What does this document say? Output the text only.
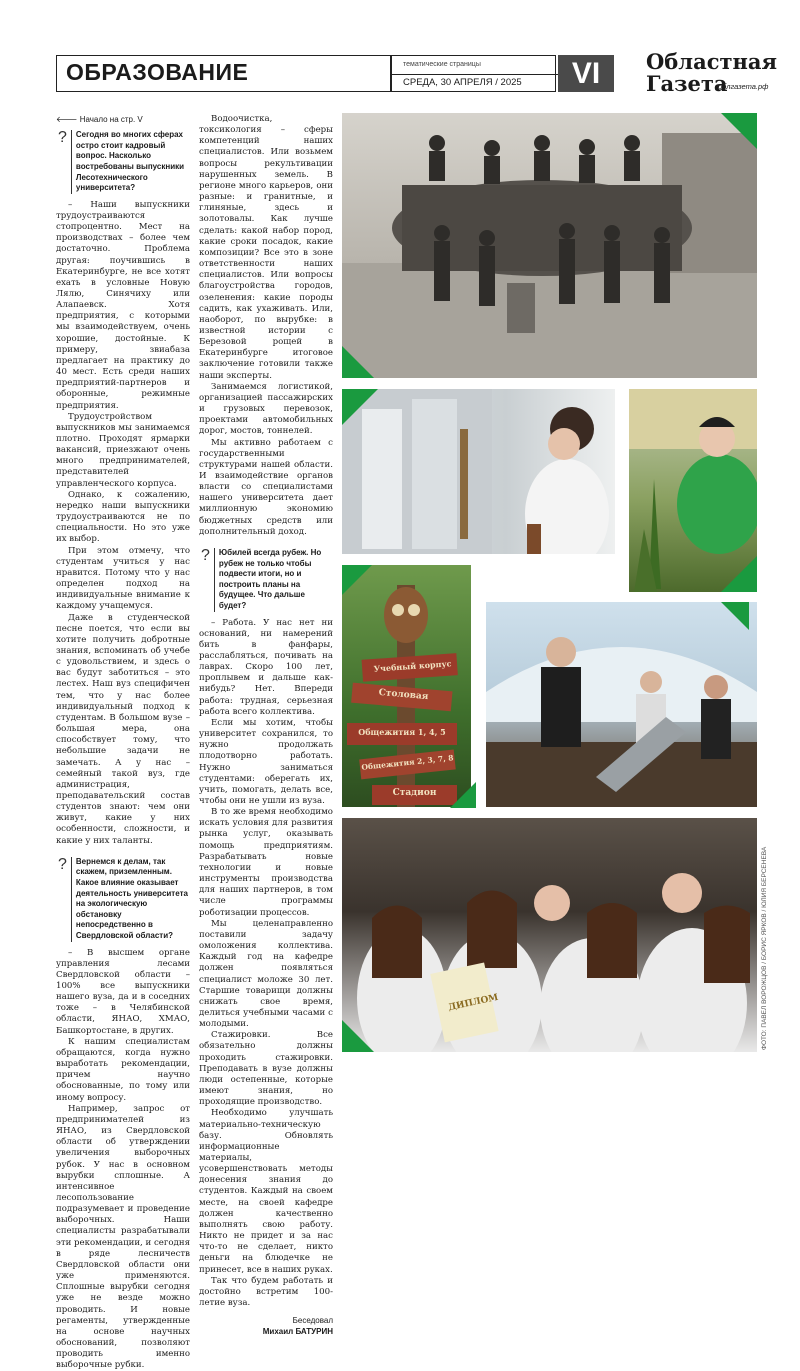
ОБРАЗОВАНИЕ	тематические страницы
СРЕДА, 30 АПРЕЛЯ / 2025	VI	Областная
Газета
облгазета.рф

🡐 Начало на стр. V

?	Сегодня во многих сферах остро стоит кадровый вопрос. Насколько востребованы выпускники Лесотехнического университета?

– Наши выпускники трудоустраиваются стопроцентно. Мест на производствах – более чем достаточно. Проблема другая: поучившись в Екатеринбурге, не все хотят ехать в условные Новую Лялю, Синячиху или Алапаевск. Хотя предприятия, с которыми мы взаимодействуем, очень хорошие, достойные. К примеру, звиабаза предлагает на практику до 40 мест. Есть среди наших предприятий-партнеров и оборонные, режимные предприятия.

Трудоустройством выпускников мы занимаемся плотно. Проходят ярмарки вакансий, приезжают очень много предпринимателей, представителей управленческого корпуса.

Однако, к сожалению, нередко наши выпускники трудоустраиваются не по специальности. Но это уже их выбор.

При этом отмечу, что студентам учиться у нас нравится. Потому что у нас определен подход на индивидуальные внимание к каждому учащемуся.

Даже в студенческой песне поется, что если вы хотите получить добротные знания, вспоминать об учебе с удовольствием, и здесь о вас будут заботиться – это лестех. Наш вуз специфичен тем, что у нас более индивидуальный подход к студентам. В большом вузе – большая мера, она способствует тому, что небольшие задачи не замечать. А у нас – семейный такой вуз, где администрация, преподавательский состав студентов знают: чем они живут, какие у них особенности, сложности, и какие у них таланты.

?	Вернемся к делам, так скажем, приземленным. Какое влияние оказывает деятельность университета на экологическую обстановку непосредственно в Свердловской области?

– В высшем органе управления лесами Свердловской области – 100% все выпускники нашего вуза, да и в соседних тоже – в Челябинской области, ЯНАО, ХМАО, Башкортостане, в других.

К нашим специалистам обращаются, когда нужно выработать рекомендации, причем научно обоснованные, по тому или иному вопросу.

Например, запрос от предпринимателей из ЯНАО, из Свердловской области об утверждении увеличения выборочных рубок. У нас в основном вырубки сплошные. А интенсивное лесопользование подразумевает и проведение выборочных. Наши специалисты разрабатывали эти рекомендации, и сегодня в ряде лесничеств Свердловской области они уже применяются. Сплошные вырубки сегодня уже не везде можно проводить. И новые регаменты, утвержденные на основе научных обоснований, позволяют проводить именно выборочные рубки.

Водоочистка, токсикология – сферы компетенций наших специалистов. Или возьмем вопросы рекультивации нарушенных земель. В регионе много карьеров, они разные: и гранитные, и глиняные, здесь и золотовалы. Как лучше сделать: какой набор пород, какие сроки посадок, какие композиции? Все это в зоне ответственности наших специалистов. Или вопросы благоустройства городов, озеленения: какие породы садить, как ухаживать. Или, наоборот, по вырубке: в известной истории с Березовой рощей в Екатеринбурге итоговое заключение готовили также наши эксперты.

Занимаемся логистикой, организацией пассажирских и грузовых перевозок, проектами автомобильных дорог, мостов, тоннелей.

Мы активно работаем с государственными структурами нашей области. И взаимодействие органов власти со специалистами нашего университета дает миллионную экономию бюджетных средств или дополнительный доход.

?	Юбилей всегда рубеж. Но рубеж не только чтобы подвести итоги, но и построить планы на будущее. Что дальше будет?

– Работа. У нас нет ни оснований, ни намерений бить в фанфары, расслабляться, почивать на лаврах. Скоро 100 лет, проплывем и дальше как-нибудь? Нет. Впереди работа: трудная, серьезная работа всего коллектива.

Если мы хотим, чтобы университет сохранился, то нужно продолжать плодотворно работать. Нужно заниматься студентами: оберегать их, учить, помогать, делать все, чтобы они не ушли из вуза.

В то же время необходимо искать условия для развития рынка услуг, оказывать помощь предприятиям. Разрабатывать новые технологии и новые инструменты производства для наших партнеров, в том числе программы роботизации процессов.

Мы целенаправленно поставили задачу омоложения коллектива. Каждый год на кафедре должен появляться специалист моложе 30 лет. Старшие товарищи должны снижать свое время, делиться учебными часами с молодыми.

Стажировки. Все обязательно должны проходить стажировки. Преподавать в вузе должны люди остепенные, которые имеют знания, но проходящие производство.

Необходимо улучшать материально-техническую базу. Обновлять информационные материалы, усовершенствовать методы донесения знания до студентов. Каждый на своем месте, на своей кафедре должен качественно выполнять свою работу. Никто не придет и за нас что-то не сделает, никто деньги на блюдечке не принесет, все в наших руках.

Так что будем работать и достойно встретим 100-летие вуза.

Беседовал
Михаил БАТУРИН
Учебный корпус
Столовая
Общежития 1, 4, 5
Общежития 2, 3, 7, 8
Стадион
ДИПЛОМ	ФОТО: ПАВЕЛ ВОРОЖЦОВ / БОРИС ЯРКОВ / ЮЛИЯ БЕРСЕНЕВА
